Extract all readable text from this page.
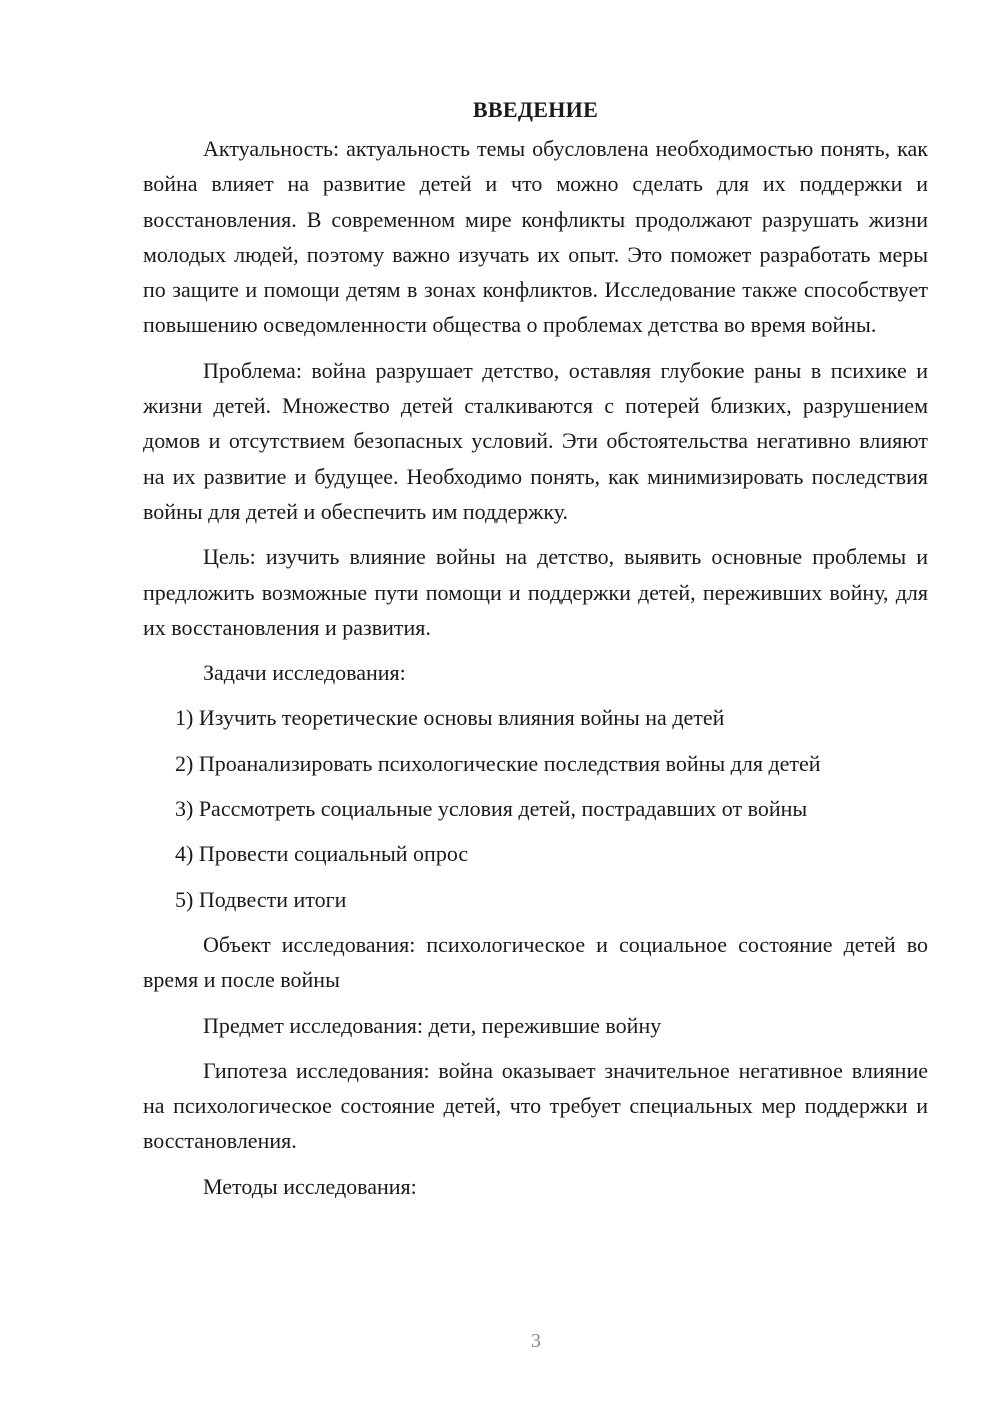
ВВЕДЕНИЕ

Актуальность: актуальность темы обусловлена необходимостью понять, как война влияет на развитие детей и что можно сделать для их поддержки и восстановления. В современном мире конфликты продолжают разрушать жизни молодых людей, поэтому важно изучать их опыт. Это поможет разработать меры по защите и помощи детям в зонах конфликтов. Исследование также способствует повышению осведомленности общества о проблемах детства во время войны.

Проблема: война разрушает детство, оставляя глубокие раны в психике и жизни детей. Множество детей сталкиваются с потерей близких, разрушением домов и отсутствием безопасных условий. Эти обстоятельства негативно влияют на их развитие и будущее. Необходимо понять, как минимизировать последствия войны для детей и обеспечить им поддержку.

Цель: изучить влияние войны на детство, выявить основные проблемы и предложить возможные пути помощи и поддержки детей, переживших войну, для их восстановления и развития.

Задачи исследования:
1) Изучить теоретические основы влияния войны на детей
2) Проанализировать психологические последствия войны для детей
3) Рассмотреть социальные условия детей, пострадавших от войны
4) Провести социальный опрос
5) Подвести итоги

Объект исследования: психологическое и социальное состояние детей во время и после войны

Предмет исследования: дети, пережившие войну

Гипотеза исследования: война оказывает значительное негативное влияние на психологическое состояние детей, что требует специальных мер поддержки и восстановления.

Методы исследования:
3
